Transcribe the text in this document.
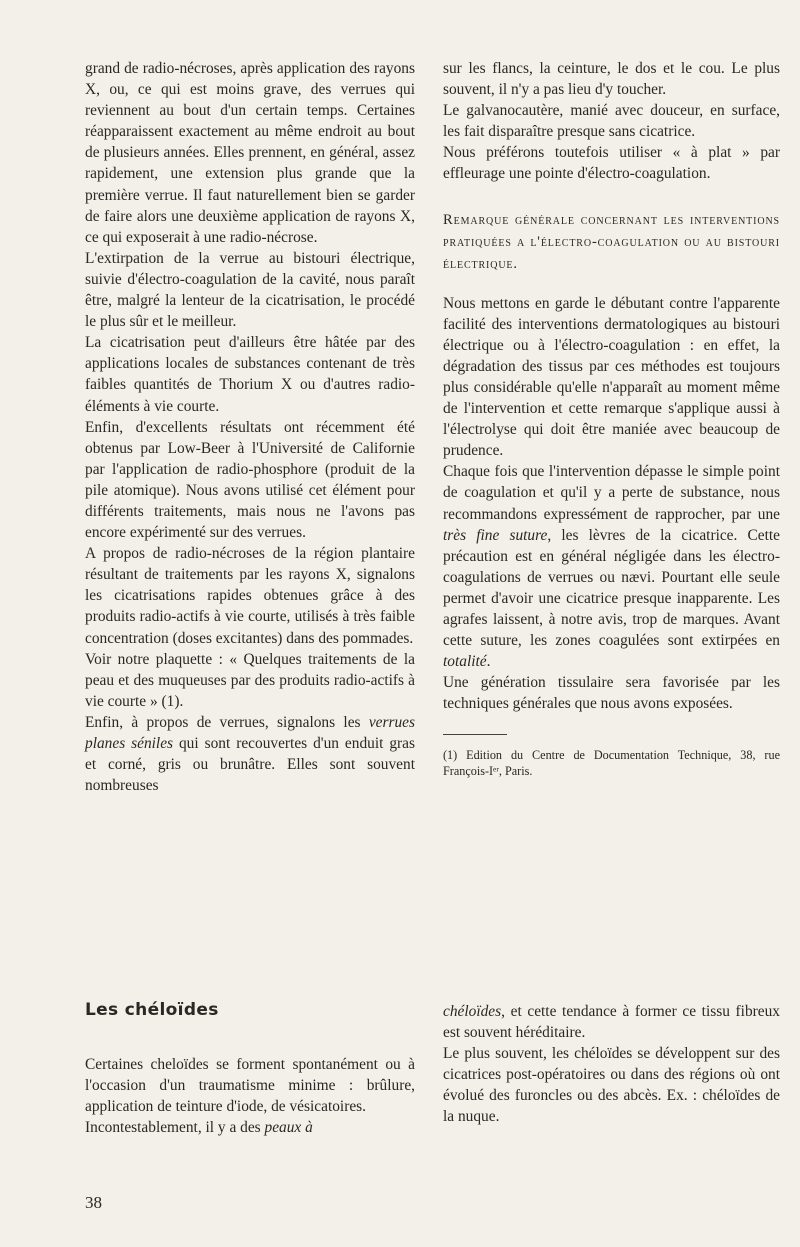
grand de radio-nécroses, après application des rayons X, ou, ce qui est moins grave, des verrues qui reviennent au bout d'un certain temps. Certaines réapparaissent exactement au même endroit au bout de plusieurs années. Elles prennent, en général, assez rapidement, une extension plus grande que la première verrue. Il faut naturellement bien se garder de faire alors une deuxième application de rayons X, ce qui exposerait à une radio-nécrose.

L'extirpation de la verrue au bistouri électrique, suivie d'électro-coagulation de la cavité, nous paraît être, malgré la lenteur de la cicatrisation, le procédé le plus sûr et le meilleur.

La cicatrisation peut d'ailleurs être hâtée par des applications locales de substances contenant de très faibles quantités de Thorium X ou d'autres radio-éléments à vie courte.

Enfin, d'excellents résultats ont récemment été obtenus par Low-Beer à l'Université de Californie par l'application de radio-phosphore (produit de la pile atomique). Nous avons utilisé cet élément pour différents traitements, mais nous ne l'avons pas encore expérimenté sur des verrues.

A propos de radio-nécroses de la région plantaire résultant de traitements par les rayons X, signalons les cicatrisations rapides obtenues grâce à des produits radio-actifs à vie courte, utilisés à très faible concentration (doses excitantes) dans des pommades.

Voir notre plaquette : « Quelques traitements de la peau et des muqueuses par des produits radio-actifs à vie courte » (1).

Enfin, à propos de verrues, signalons les verrues planes séniles qui sont recouvertes d'un enduit gras et corné, gris ou brunâtre. Elles sont souvent nombreuses

sur les flancs, la ceinture, le dos et le cou. Le plus souvent, il n'y a pas lieu d'y toucher.

Le galvanocautère, manié avec douceur, en surface, les fait disparaître presque sans cicatrice.

Nous préférons toutefois utiliser « à plat » par effleurage une pointe d'électro-coagulation.

Remarque générale concernant les interventions pratiquées a l'électro-coagulation ou au bistouri électrique.

Nous mettons en garde le débutant contre l'apparente facilité des interventions dermatologiques au bistouri électrique ou à l'électro-coagulation : en effet, la dégradation des tissus par ces méthodes est toujours plus considérable qu'elle n'apparaît au moment même de l'intervention et cette remarque s'applique aussi à l'électrolyse qui doit être maniée avec beaucoup de prudence.

Chaque fois que l'intervention dépasse le simple point de coagulation et qu'il y a perte de substance, nous recommandons expressément de rapprocher, par une très fine suture, les lèvres de la cicatrice. Cette précaution est en général négligée dans les électro-coagulations de verrues ou nævi. Pourtant elle seule permet d'avoir une cicatrice presque inapparente. Les agrafes laissent, à notre avis, trop de marques. Avant cette suture, les zones coagulées sont extirpées en totalité.

Une génération tissulaire sera favorisée par les techniques générales que nous avons exposées.

(1) Edition du Centre de Documentation Technique, 38, rue François-Iᵉʳ, Paris.

Les chéloïdes

Certaines cheloïdes se forment spontanément ou à l'occasion d'un traumatisme minime : brûlure, application de teinture d'iode, de vésicatoires.

Incontestablement, il y a des peaux à

chéloïdes, et cette tendance à former ce tissu fibreux est souvent héréditaire.

Le plus souvent, les chéloïdes se développent sur des cicatrices post-opératoires ou dans des régions où ont évolué des furoncles ou des abcès. Ex. : chéloïdes de la nuque.

38
